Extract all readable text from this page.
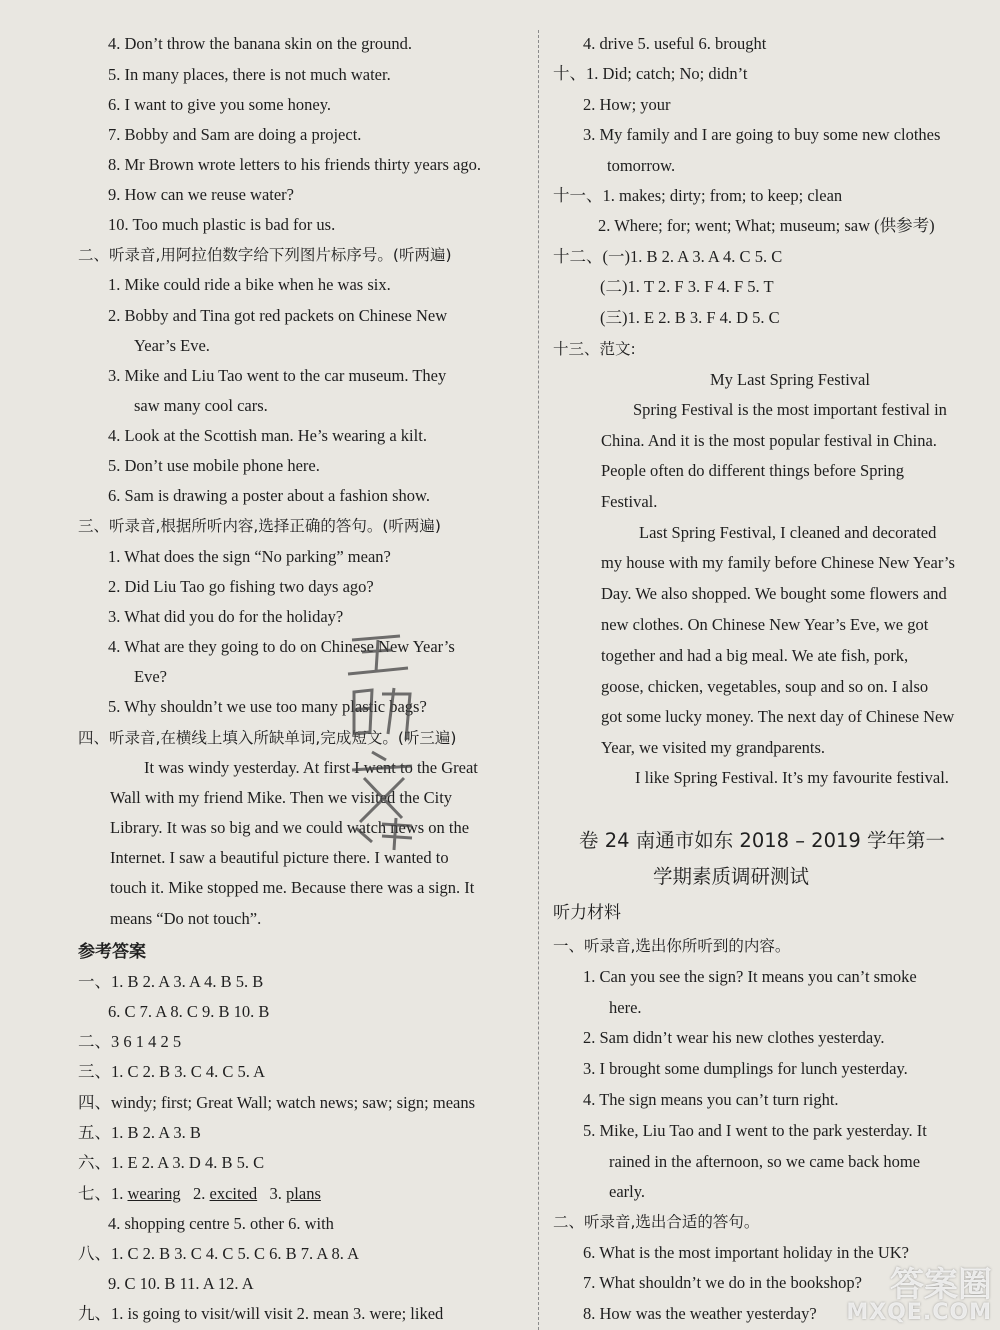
4. Don’t throw the banana skin on the ground.
5. In many places, there is not much water.
6. I want to give you some honey.
7. Bobby and Sam are doing a project.
8. Mr Brown wrote letters to his friends thirty years ago.
9. How can we reuse water?
10. Too much plastic is bad for us.
二、听录音,用阿拉伯数字给下列图片标序号。(听两遍)
1. Mike could ride a bike when he was six.
2. Bobby and Tina got red packets on Chinese New
Year’s Eve.
3. Mike and Liu Tao went to the car museum. They
saw many cool cars.
4. Look at the Scottish man. He’s wearing a kilt.
5. Don’t use mobile phone here.
6. Sam is drawing a poster about a fashion show.
三、听录音,根据所听内容,选择正确的答句。(听两遍)
1. What does the sign “No parking” mean?
2. Did Liu Tao go fishing two days ago?
3. What did you do for the holiday?
4. What are they going to do on Chinese New Year’s
Eve?
5. Why shouldn’t we use too many plastic bags?
四、听录音,在横线上填入所缺单词,完成短文。(听三遍)
It was windy yesterday. At first I went to the Great
Wall with my friend Mike. Then we visited the City
Library. It was so big and we could watch news on the
Internet. I saw a beautiful picture there. I wanted to
touch it. Mike stopped me. Because there was a sign. It
means “Do not touch”.
参考答案
一、1. B 2. A 3. A 4. B 5. B
6. C 7. A 8. C 9. B 10. B
二、3 6 1 4 2 5
三、1. C 2. B 3. C 4. C 5. A
四、windy; first; Great Wall; watch news; saw; sign; means
五、1. B 2. A 3. B
六、1. E 2. A 3. D 4. B 5. C
七、1. wearing 2. excited 3. plans
4. shopping centre 5. other 6. with
八、1. C 2. B 3. C 4. C 5. C 6. B 7. A 8. A
9. C 10. B 11. A 12. A
九、1. is going to visit/will visit 2. mean 3. were; liked
4. drive 5. useful 6. brought
十、1. Did; catch; No; didn’t
2. How; your
3. My family and I are going to buy some new clothes
tomorrow.
十一、1. makes; dirty; from; to keep; clean
2. Where; for; went; What; museum; saw (供参考)
十二、(一)1. B 2. A 3. A 4. C 5. C
(二)1. T 2. F 3. F 4. F 5. T
(三)1. E 2. B 3. F 4. D 5. C
十三、范文:
My Last Spring Festival
Spring Festival is the most important festival in
China. And it is the most popular festival in China.
People often do different things before Spring
Festival.
Last Spring Festival, I cleaned and decorated
my house with my family before Chinese New Year’s
Day. We also shopped. We bought some flowers and
new clothes. On Chinese New Year’s Eve, we got
together and had a big meal. We ate fish, pork,
goose, chicken, vegetables, soup and so on. I also
got some lucky money. The next day of Chinese New
Year, we visited my grandparents.
I like Spring Festival. It’s my favourite festival.
卷 24 南通市如东 2018 – 2019 学年第一
学期素质调研测试
听力材料
一、听录音,选出你所听到的内容。
1. Can you see the sign? It means you can’t smoke
here.
2. Sam didn’t wear his new clothes yesterday.
3. I brought some dumplings for lunch yesterday.
4. The sign means you can’t turn right.
5. Mike, Liu Tao and I went to the park yesterday. It
rained in the afternoon, so we came back home
early.
二、听录音,选出合适的答句。
6. What is the most important holiday in the UK?
7. What shouldn’t we do in the bookshop?
8. How was the weather yesterday?
答案圈
MXQE.COM
